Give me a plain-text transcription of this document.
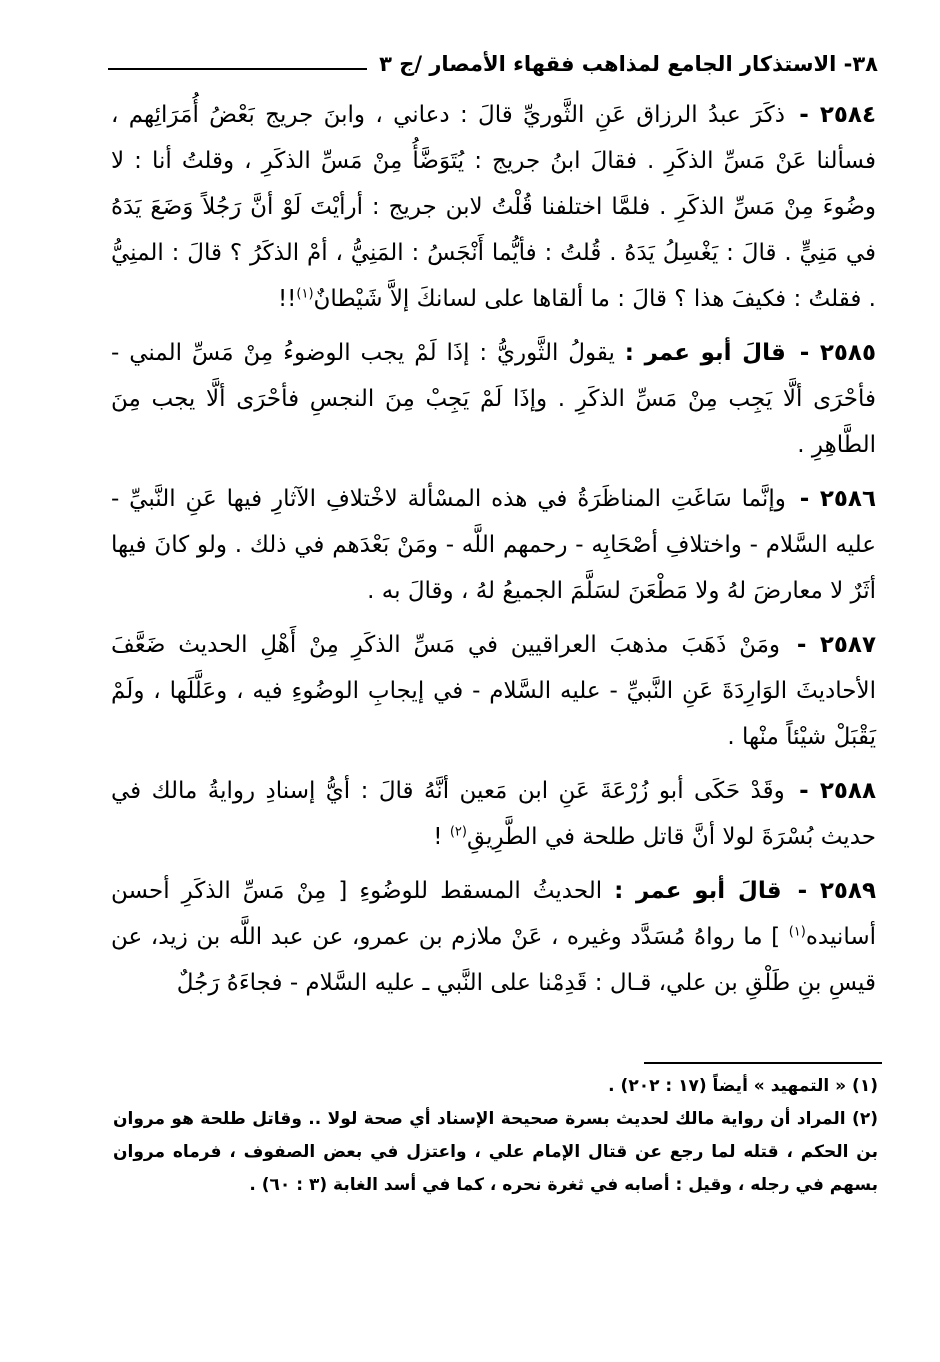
٣٨- الاستذكار الجامع لمذاهب فقهاء الأمصار /ج ٣

٢٥٨٤ - ذكَرَ عبدُ الرزاق عَنِ الثَّوريِّ قالَ : دعاني ، وابنَ جريج بَعْضُ أُمَرَائِهم ، فسألنا عَنْ مَسِّ الذكَرِ . فقالَ ابنُ جريج : يُتَوَضَّأُ مِنْ مَسِّ الذكَرِ ، وقلتُ أنا : لا وضُوءَ مِنْ مَسِّ الذكَرِ . فلمَّا اختلفنا قُلْتُ لابن جريج : أرأيْتَ لَوْ أنَّ رَجُلاً وَضَعَ يَدَهُ في مَنِيٍّ . قالَ : يَغْسِلُ يَدَهُ . قُلتُ : فأيُّما أَنْجَسُ : المَنِيُّ ، أمْ الذكَرُ ؟ قالَ : المنِيُّ . فقلتُ : فكيفَ هذا ؟ قالَ : ما ألقاها على لسانكَ إلاَّ شَيْطانٌ$^{(١)}$!!

٢٥٨٥ - قالَ أبو عمر : يقولُ الثَّوريُّ : إذَا لَمْ يجب الوضوءُ مِنْ مَسِّ المني - فأحْرَى ألَّا يَجِب مِنْ مَسِّ الذكَرِ . وإذَا لَمْ يَجِبْ مِنَ النجسِ فأحْرَى ألَّا يجب مِنَ الطَّاهِرِ .

٢٥٨٦ - وإنَّما سَاغَتِ المناظَرَةُ في هذه المسْألة لاخْتلافِ الآثارِ فيها عَنِ النَّبيِّ - عليه السَّلام - واختلافِ أصْحَابِه - رحمهم اللَّه - ومَنْ بَعْدَهم في ذلك . ولو كانَ فيها أثَرٌ لا معارضَ لهُ ولا مَطْعَنَ لسَلَّمَ الجميعُ لهُ ، وقالَ به .

٢٥٨٧ - ومَنْ ذَهَبَ مذهبَ العراقيين في مَسِّ الذكَرِ مِنْ أَهْلِ الحديث ضَعَّفَ الأحاديثَ الوَارِدَةَ عَنِ النَّبيِّ - عليه السَّلام - في إيجابِ الوضُوءِ فيه ، وعَلَّلَها ، ولَمْ يَقْبَلْ شيْئاً منْها .

٢٥٨٨ - وقَدْ حَكَى أبو زُرْعَةَ عَنِ ابن مَعين أنَّهُ قالَ : أيُّ إسنادِ روايةُ مالك في حديث بُسْرَةَ لولا أنَّ قاتل طلحة في الطَّرِيقِ$^{(٢)}$ !

٢٥٨٩ - قالَ أبو عمر : الحديثُ المسقط للوضُوءِ [ مِنْ مَسِّ الذكَرِ أحسن أسانيده$^{(١)}$ ] ما رواهُ مُسَدَّد وغيره ، عَنْ ملازم بن عمرو، عن عبد اللَّه بن زيد، عن قيسِ بنِ طَلْقِ بن علي، قـال : قَدِمْنا على النَّبي ـ عليه السَّلام - فجاءَهُ رَجُلٌ

(١) « التمهيد » أيضاً (١٧ : ٢٠٢) .

(٢) المراد أن رواية مالك لحديث بسرة صحيحة الإسناد أي صحة لولا .. وقاتل طلحة هو مروان بن الحكم ، قتله لما رجع عن قتال الإمام علي ، واعتزل في بعض الصفوف ، فرماه مروان بسهم في رجله ، وقيل : أصابه في ثغرة نحره ، كما في أسد الغابة (٣ : ٦٠) .
